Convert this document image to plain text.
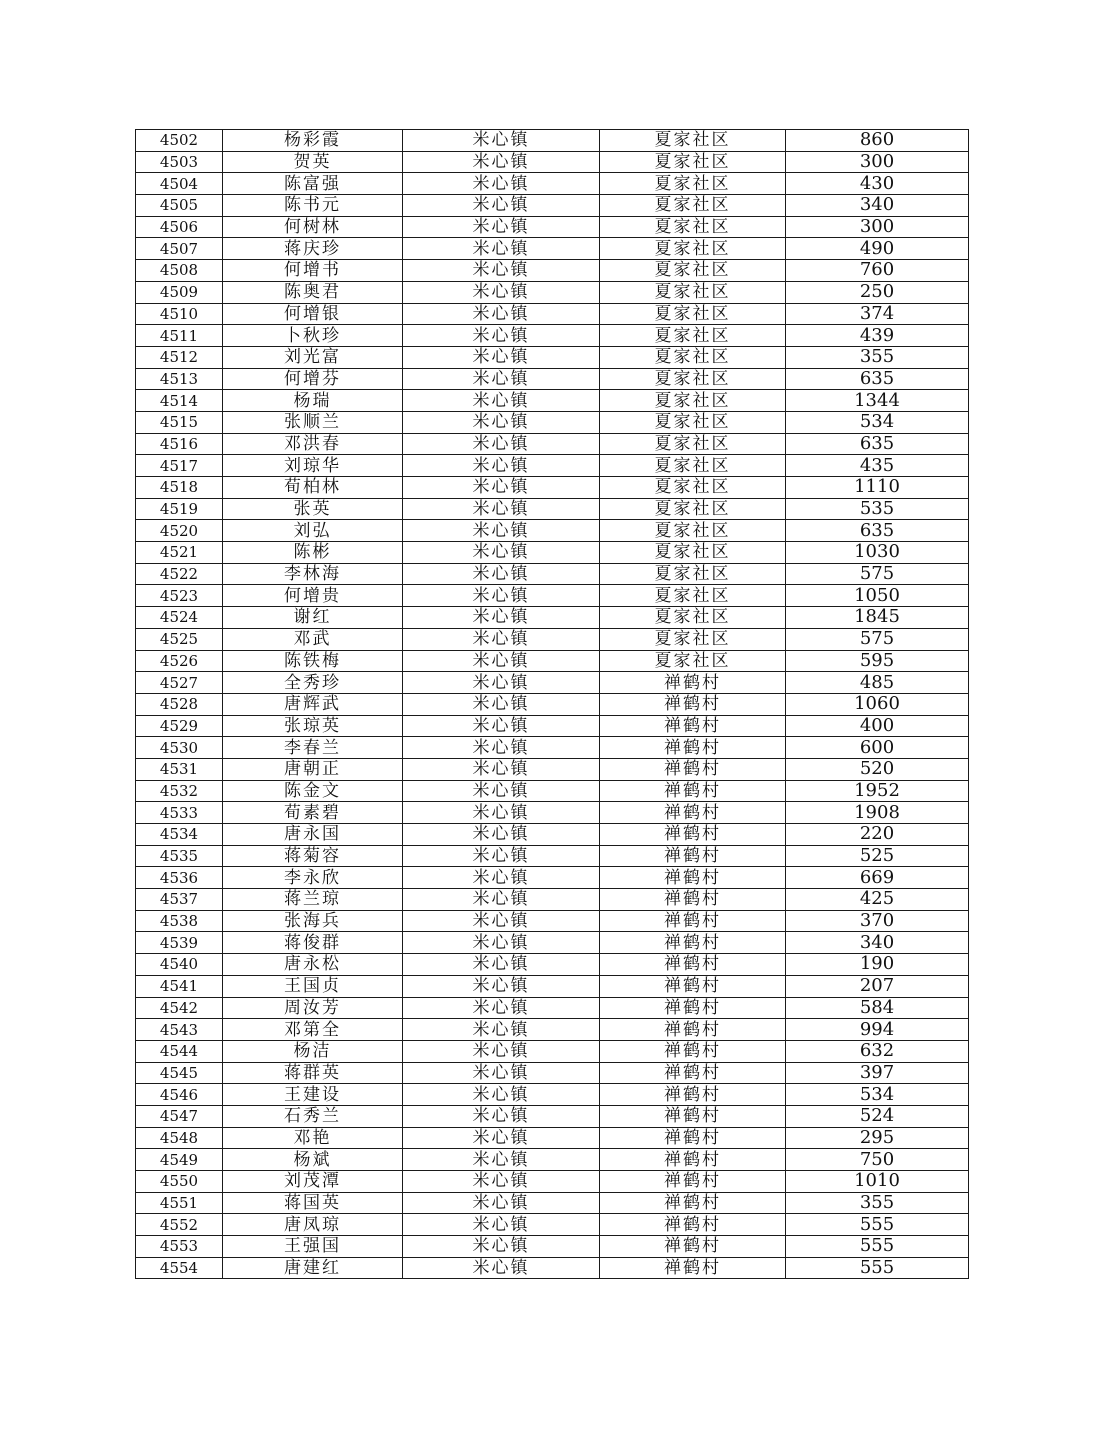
4502	杨彩霞	米心镇	夏家社区	860
4503	贺英	米心镇	夏家社区	300
4504	陈富强	米心镇	夏家社区	430
4505	陈书元	米心镇	夏家社区	340
4506	何树林	米心镇	夏家社区	300
4507	蒋庆珍	米心镇	夏家社区	490
4508	何增书	米心镇	夏家社区	760
4509	陈奥君	米心镇	夏家社区	250
4510	何增银	米心镇	夏家社区	374
4511	卜秋珍	米心镇	夏家社区	439
4512	刘光富	米心镇	夏家社区	355
4513	何增芬	米心镇	夏家社区	635
4514	杨瑞	米心镇	夏家社区	1344
4515	张顺兰	米心镇	夏家社区	534
4516	邓洪春	米心镇	夏家社区	635
4517	刘琼华	米心镇	夏家社区	435
4518	荀柏林	米心镇	夏家社区	1110
4519	张英	米心镇	夏家社区	535
4520	刘弘	米心镇	夏家社区	635
4521	陈彬	米心镇	夏家社区	1030
4522	李林海	米心镇	夏家社区	575
4523	何增贵	米心镇	夏家社区	1050
4524	谢红	米心镇	夏家社区	1845
4525	邓武	米心镇	夏家社区	575
4526	陈铁梅	米心镇	夏家社区	595
4527	全秀珍	米心镇	禅鹤村	485
4528	唐辉武	米心镇	禅鹤村	1060
4529	张琼英	米心镇	禅鹤村	400
4530	李春兰	米心镇	禅鹤村	600
4531	唐朝正	米心镇	禅鹤村	520
4532	陈金文	米心镇	禅鹤村	1952
4533	荀素碧	米心镇	禅鹤村	1908
4534	唐永国	米心镇	禅鹤村	220
4535	蒋菊容	米心镇	禅鹤村	525
4536	李永欣	米心镇	禅鹤村	669
4537	蒋兰琼	米心镇	禅鹤村	425
4538	张海兵	米心镇	禅鹤村	370
4539	蒋俊群	米心镇	禅鹤村	340
4540	唐永松	米心镇	禅鹤村	190
4541	王国贞	米心镇	禅鹤村	207
4542	周汝芳	米心镇	禅鹤村	584
4543	邓第全	米心镇	禅鹤村	994
4544	杨洁	米心镇	禅鹤村	632
4545	蒋群英	米心镇	禅鹤村	397
4546	王建设	米心镇	禅鹤村	534
4547	石秀兰	米心镇	禅鹤村	524
4548	邓艳	米心镇	禅鹤村	295
4549	杨斌	米心镇	禅鹤村	750
4550	刘茂潭	米心镇	禅鹤村	1010
4551	蒋国英	米心镇	禅鹤村	355
4552	唐凤琼	米心镇	禅鹤村	555
4553	王强国	米心镇	禅鹤村	555
4554	唐建红	米心镇	禅鹤村	555
